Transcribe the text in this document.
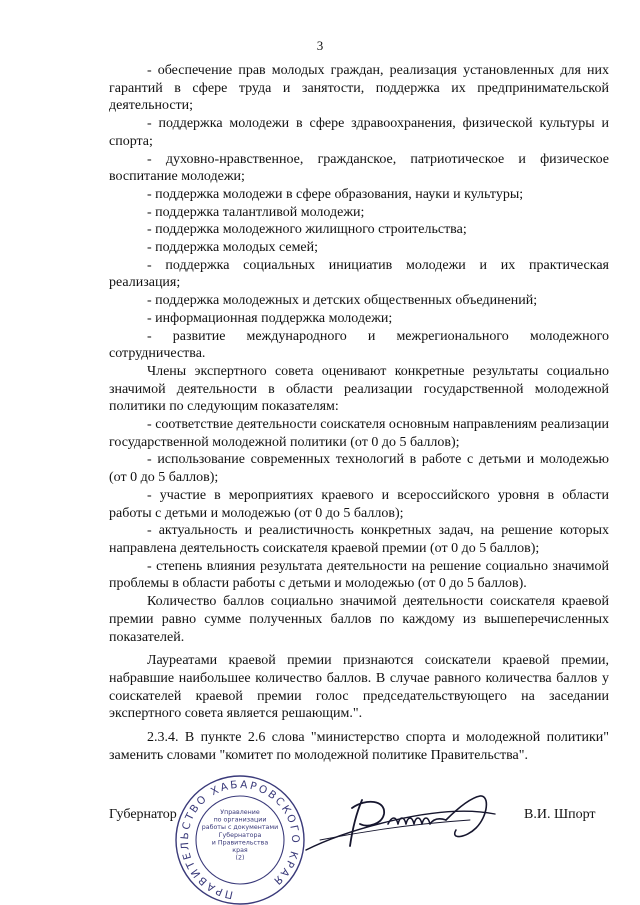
3

- обеспечение прав молодых граждан, реализация установленных для них гарантий в сфере труда и занятости, поддержка их предпринимательской деятельности;

- поддержка молодежи в сфере здравоохранения, физической культуры и спорта;

- духовно-нравственное, гражданское, патриотическое и физическое воспитание молодежи;

- поддержка молодежи в сфере образования, науки и культуры;

- поддержка талантливой молодежи;

- поддержка молодежного жилищного строительства;

- поддержка молодых семей;

- поддержка социальных инициатив молодежи и их практическая реализация;

- поддержка молодежных и детских общественных объединений;

- информационная поддержка молодежи;

- развитие международного и межрегионального молодежного сотрудничества.

Члены экспертного совета оценивают конкретные результаты социально значимой деятельности в области реализации государственной молодежной политики по следующим показателям:

- соответствие деятельности соискателя основным направлениям реализации государственной молодежной политики (от 0 до 5 баллов);

- использование современных технологий в работе с детьми и молодежью (от 0 до 5 баллов);

- участие в мероприятиях краевого и всероссийского уровня в области работы с детьми и молодежью (от 0 до 5 баллов);

- актуальность и реалистичность конкретных задач, на решение которых направлена деятельность соискателя краевой премии (от 0 до 5 баллов);

- степень влияния результата деятельности на решение социально значимой проблемы в области работы с детьми и молодежью (от 0 до 5 баллов).

Количество баллов социально значимой деятельности соискателя краевой премии равно сумме полученных баллов по каждому из вышеперечисленных показателей.

Лауреатами краевой премии признаются соискатели краевой премии, набравшие наибольшее количество баллов. В случае равного количества баллов у соискателей краевой премии голос председательствующего на заседании экспертного совета является решающим.".

2.3.4. В пункте 2.6 слова "министерство спорта и молодежной политики" заменить словами "комитет по молодежной политике Правительства".

ПРАВИТЕЛЬСТВО ХАБАРОВСКОГО КРАЯ
Управление
по организации
работы с документами
Губернатора
и Правительства
края
(2)
Губернатор	В.И. Шпорт
